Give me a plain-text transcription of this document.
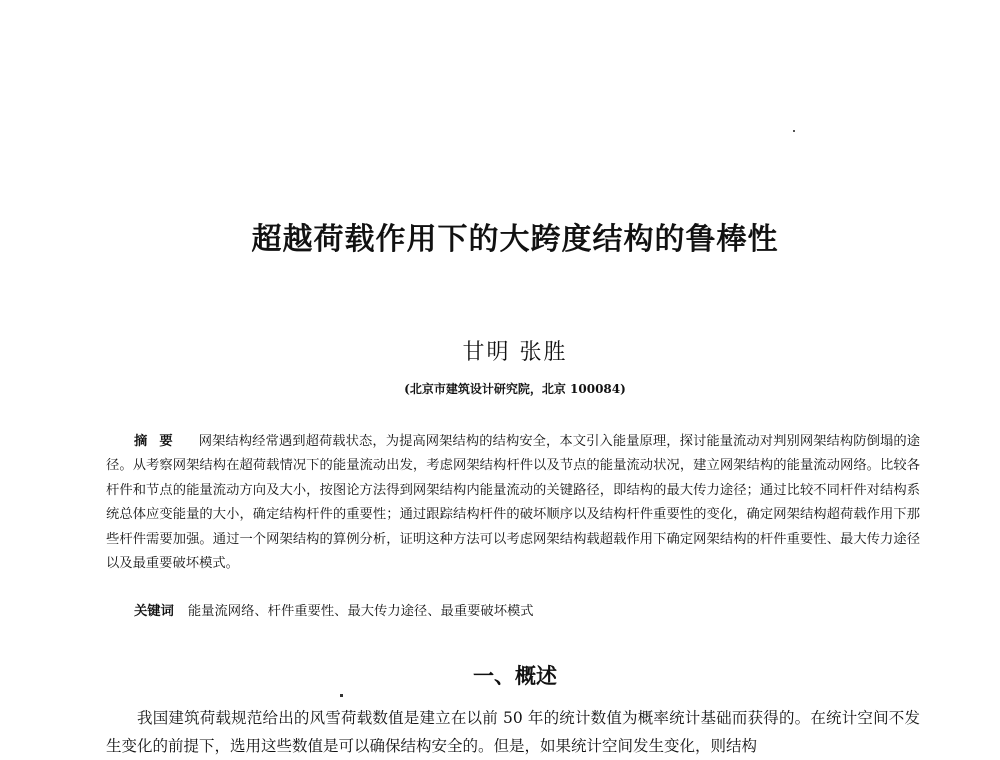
超越荷载作用下的大跨度结构的鲁棒性

甘明 张胜

(北京市建筑设计研究院，北京 100084)

摘要 网架结构经常遇到超荷载状态，为提高网架结构的结构安全，本文引入能量原理，探讨能量流动对判别网架结构防倒塌的途径。从考察网架结构在超荷载情况下的能量流动出发，考虑网架结构杆件以及节点的能量流动状况，建立网架结构的能量流动网络。比较各杆件和节点的能量流动方向及大小，按图论方法得到网架结构内能量流动的关键路径，即结构的最大传力途径；通过比较不同杆件对结构系统总体应变能量的大小，确定结构杆件的重要性；通过跟踪结构杆件的破坏顺序以及结构杆件重要性的变化，确定网架结构超荷载作用下那些杆件需要加强。通过一个网架结构的算例分析，证明这种方法可以考虑网架结构载超载作用下确定网架结构的杆件重要性、最大传力途径以及最重要破坏模式。

关键词 能量流网络、杆件重要性、最大传力途径、最重要破坏模式

一、概述

我国建筑荷载规范给出的风雪荷载数值是建立在以前 50 年的统计数值为概率统计基础而获得的。在统计空间不发生变化的前提下，选用这些数值是可以确保结构安全的。但是，如果统计空间发生变化，则结构
